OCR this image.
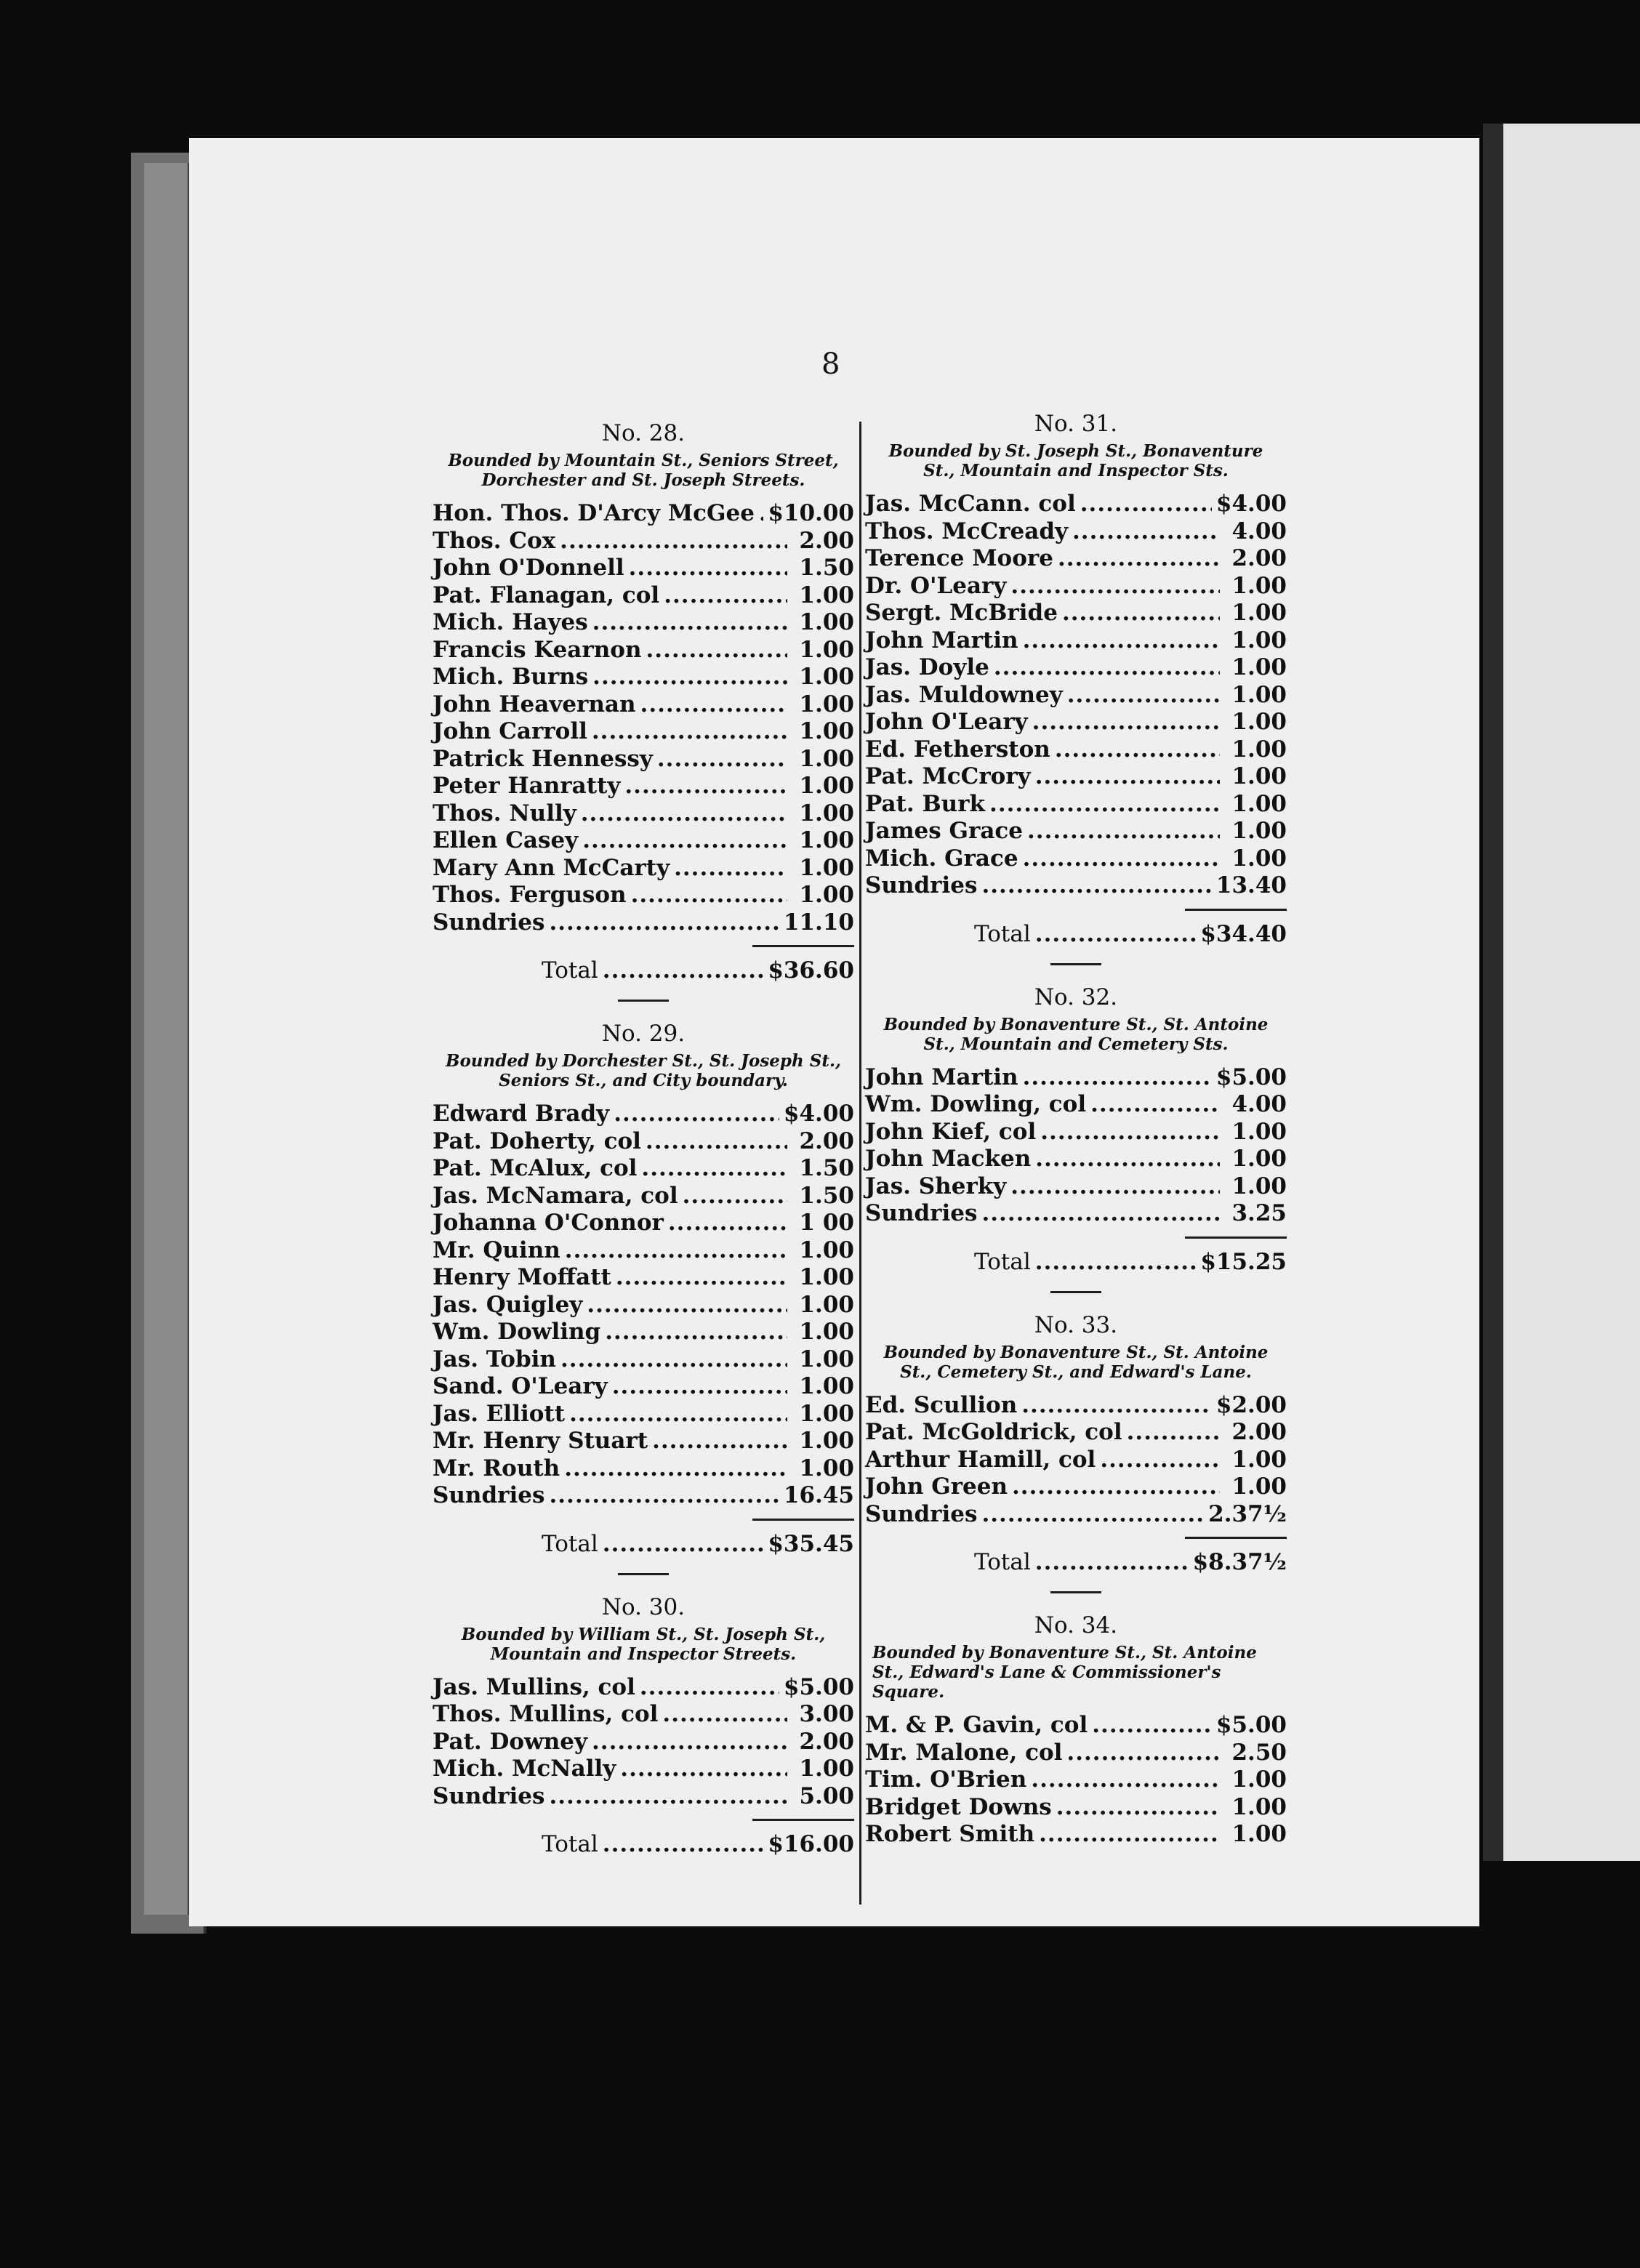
8
No. 28.
Bounded by Mountain St., Seniors Street, Dorchester and St. Joseph Streets.
Hon. Thos. D'Arcy McGee ..... $10.00
Thos. Cox .....	2.00
John O'Donnell .....	1.50
Pat. Flanagan, col .....	1.00
Mich. Hayes .....	1.00
Francis Kearnon .....	1.00
Mich. Burns .....	1.00
John Heavernan .....	1.00
John Carroll .....	1.00
Patrick Hennessy .....	1.00
Peter Hanratty .....	1.00
Thos. Nully .....	1.00
Ellen Casey .....	1.00
Mary Ann McCarty .....	1.00
Thos. Ferguson .....	1.00
Sundries .....	11.10
Total .....	$36.60
No. 29.
Bounded by Dorchester St., St. Joseph St., Seniors St., and City boundary.
Edward Brady .....	$4.00
Pat. Doherty, col .....	2.00
Pat. McAlux, col .....	1.50
Jas. McNamara, col .....	1.50
Johanna O'Connor .....	1 00
Mr. Quinn .....	1.00
Henry Moffatt .....	1.00
Jas. Quigley .....	1.00
Wm. Dowling .....	1.00
Jas. Tobin .....	1.00
Sand. O'Leary .....	1.00
Jas. Elliott .....	1.00
Mr. Henry Stuart .....	1.00
Mr. Routh .....	1.00
Sundries .....	16.45
Total .....	$35.45
No. 30.
Bounded by William St., St. Joseph St., Mountain and Inspector Streets.
Jas. Mullins, col .....	$5.00
Thos. Mullins, col .....	3.00
Pat. Downey .....	2.00
Mich. McNally .....	1.00
Sundries .....	5.00
Total .....	$16.00
No. 31.
Bounded by St. Joseph St., Bonaventure St., Mountain and Inspector Sts.
Jas. McCann. col .....	$4.00
Thos. McCready .....	4.00
Terence Moore .....	2.00
Dr. O'Leary .....	1.00
Sergt. McBride .....	1.00
John Martin .....	1.00
Jas. Doyle .....	1.00
Jas. Muldowney .....	1.00
John O'Leary .....	1.00
Ed. Fetherston .....	1.00
Pat. McCrory .....	1.00
Pat. Burk .....	1.00
James Grace .....	1.00
Mich. Grace .....	1.00
Sundries .....	13.40
Total .....	$34.40
No. 32.
Bounded by Bonaventure St., St. Antoine St., Mountain and Cemetery Sts.
John Martin .....	$5.00
Wm. Dowling, col .....	4.00
John Kief, col .....	1.00
John Macken .....	1.00
Jas. Sherky .....	1.00
Sundries .....	3.25
Total .....	$15.25
No. 33.
Bounded by Bonaventure St., St. Antoine St., Cemetery St., and Edward's Lane.
Ed. Scullion .....	$2.00
Pat. McGoldrick, col .....	2.00
Arthur Hamill, col .....	1.00
John Green .....	1.00
Sundries .....	2.37½
Total .....	$8.37½
No. 34.
Bounded by Bonaventure St., St. Antoine St., Edward's Lane & Commissioner's Square.
M. & P. Gavin, col .....	$5.00
Mr. Malone, col .....	2.50
Tim. O'Brien .....	1.00
Bridget Downs .....	1.00
Robert Smith .....	1.00
